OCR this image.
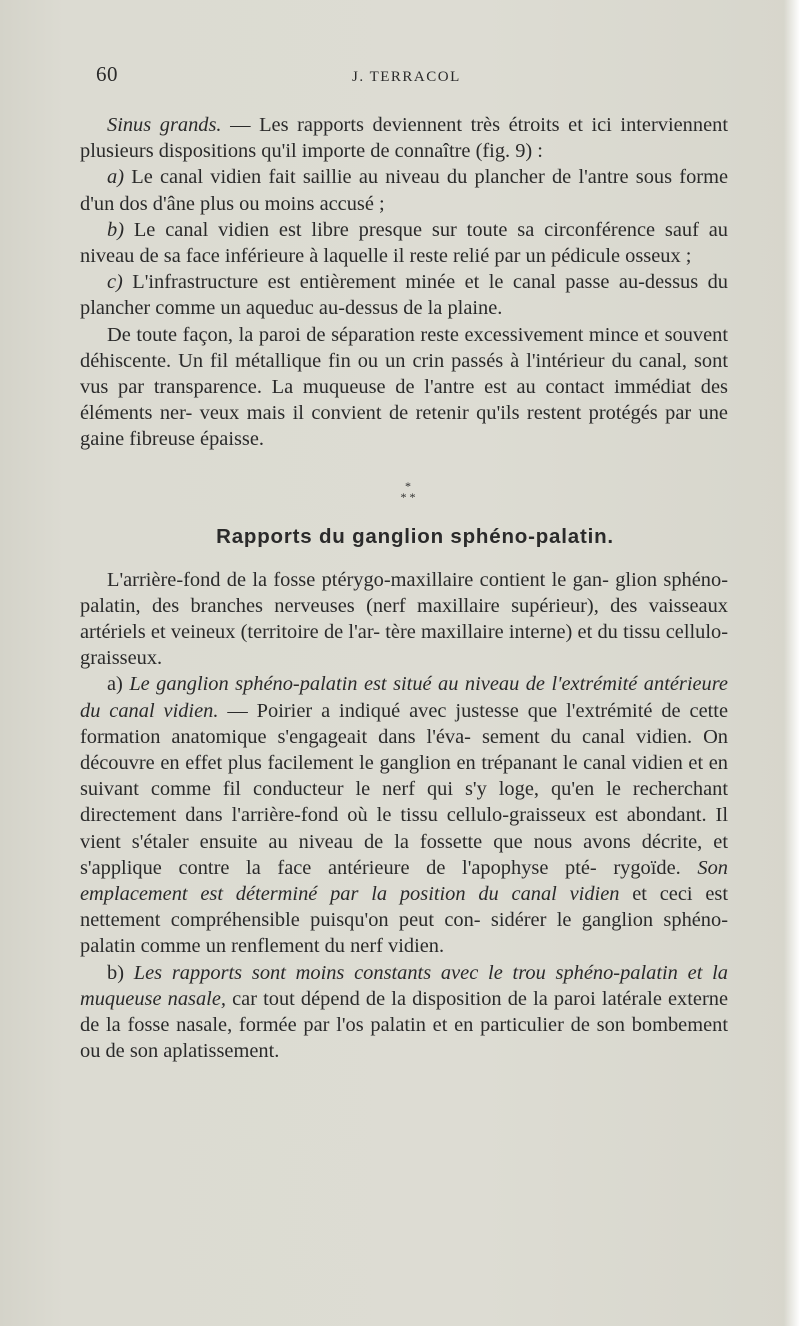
60	J. TERRACOL

Sinus grands. — Les rapports deviennent très étroits et ici interviennent plusieurs dispositions qu'il importe de connaître (fig. 9) :

a) Le canal vidien fait saillie au niveau du plancher de l'antre sous forme d'un dos d'âne plus ou moins accusé ;

b) Le canal vidien est libre presque sur toute sa circonférence sauf au niveau de sa face inférieure à laquelle il reste relié par un pédicule osseux ;

c) L'infrastructure est entièrement minée et le canal passe au-dessus du plancher comme un aqueduc au-dessus de la plaine.

De toute façon, la paroi de séparation reste excessivement mince et souvent déhiscente. Un fil métallique fin ou un crin passés à l'intérieur du canal, sont vus par transparence. La muqueuse de l'antre est au contact immédiat des éléments ner- veux mais il convient de retenir qu'ils restent protégés par une gaine fibreuse épaisse.

*
* *
Rapports du ganglion sphéno-palatin.

L'arrière-fond de la fosse ptérygo-maxillaire contient le gan- glion sphéno-palatin, des branches nerveuses (nerf maxillaire supérieur), des vaisseaux artériels et veineux (territoire de l'ar- tère maxillaire interne) et du tissu cellulo-graisseux.

a) Le ganglion sphéno-palatin est situé au niveau de l'extrémité antérieure du canal vidien. — Poirier a indiqué avec justesse que l'extrémité de cette formation anatomique s'engageait dans l'éva- sement du canal vidien. On découvre en effet plus facilement le ganglion en trépanant le canal vidien et en suivant comme fil conducteur le nerf qui s'y loge, qu'en le recherchant directement dans l'arrière-fond où le tissu cellulo-graisseux est abondant. Il vient s'étaler ensuite au niveau de la fossette que nous avons décrite, et s'applique contre la face antérieure de l'apophyse pté- rygoïde. Son emplacement est déterminé par la position du canal vidien et ceci est nettement compréhensible puisqu'on peut con- sidérer le ganglion sphéno-palatin comme un renflement du nerf vidien.

b) Les rapports sont moins constants avec le trou sphéno-palatin et la muqueuse nasale, car tout dépend de la disposition de la paroi latérale externe de la fosse nasale, formée par l'os palatin et en particulier de son bombement ou de son aplatissement.
